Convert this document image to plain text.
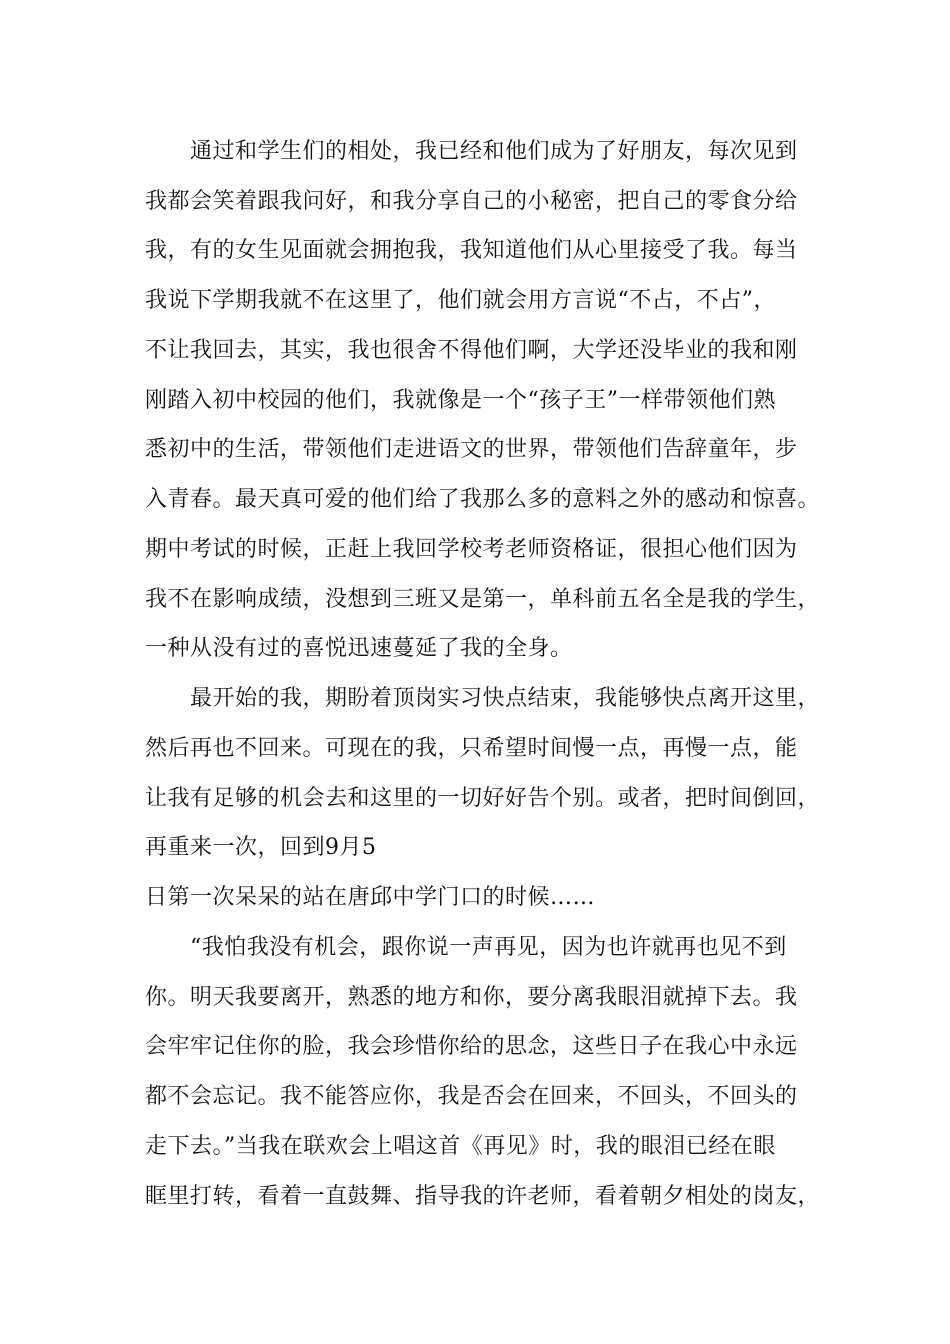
　　通过和学生们的相处，我已经和他们成为了好朋友，每次见到
我都会笑着跟我问好，和我分享自己的小秘密，把自己的零食分给
我，有的女生见面就会拥抱我，我知道他们从心里接受了我。每当
我说下学期我就不在这里了，他们就会用方言说“不占，不占”，
不让我回去，其实，我也很舍不得他们啊，大学还没毕业的我和刚
刚踏入初中校园的他们，我就像是一个“孩子王”一样带领他们熟
悉初中的生活，带领他们走进语文的世界，带领他们告辞童年，步
入青春。最天真可爱的他们给了我那么多的意料之外的感动和惊喜。
期中考试的时候，正赶上我回学校考老师资格证，很担心他们因为
我不在影响成绩，没想到三班又是第一，单科前五名全是我的学生，
一种从没有过的喜悦迅速蔓延了我的全身。
　　最开始的我，期盼着顶岗实习快点结束，我能够快点离开这里，
然后再也不回来。可现在的我，只希望时间慢一点，再慢一点，能
让我有足够的机会去和这里的一切好好告个别。或者，把时间倒回，
再重来一次，回到9月5
日第一次呆呆的站在唐邱中学门口的时候……
　　“我怕我没有机会，跟你说一声再见，因为也许就再也见不到
你。明天我要离开，熟悉的地方和你，要分离我眼泪就掉下去。我
会牢牢记住你的脸，我会珍惜你给的思念，这些日子在我心中永远
都不会忘记。我不能答应你，我是否会在回来，不回头，不回头的
走下去。”当我在联欢会上唱这首《再见》时，我的眼泪已经在眼
眶里打转，看着一直鼓舞、指导我的许老师，看着朝夕相处的岗友，
